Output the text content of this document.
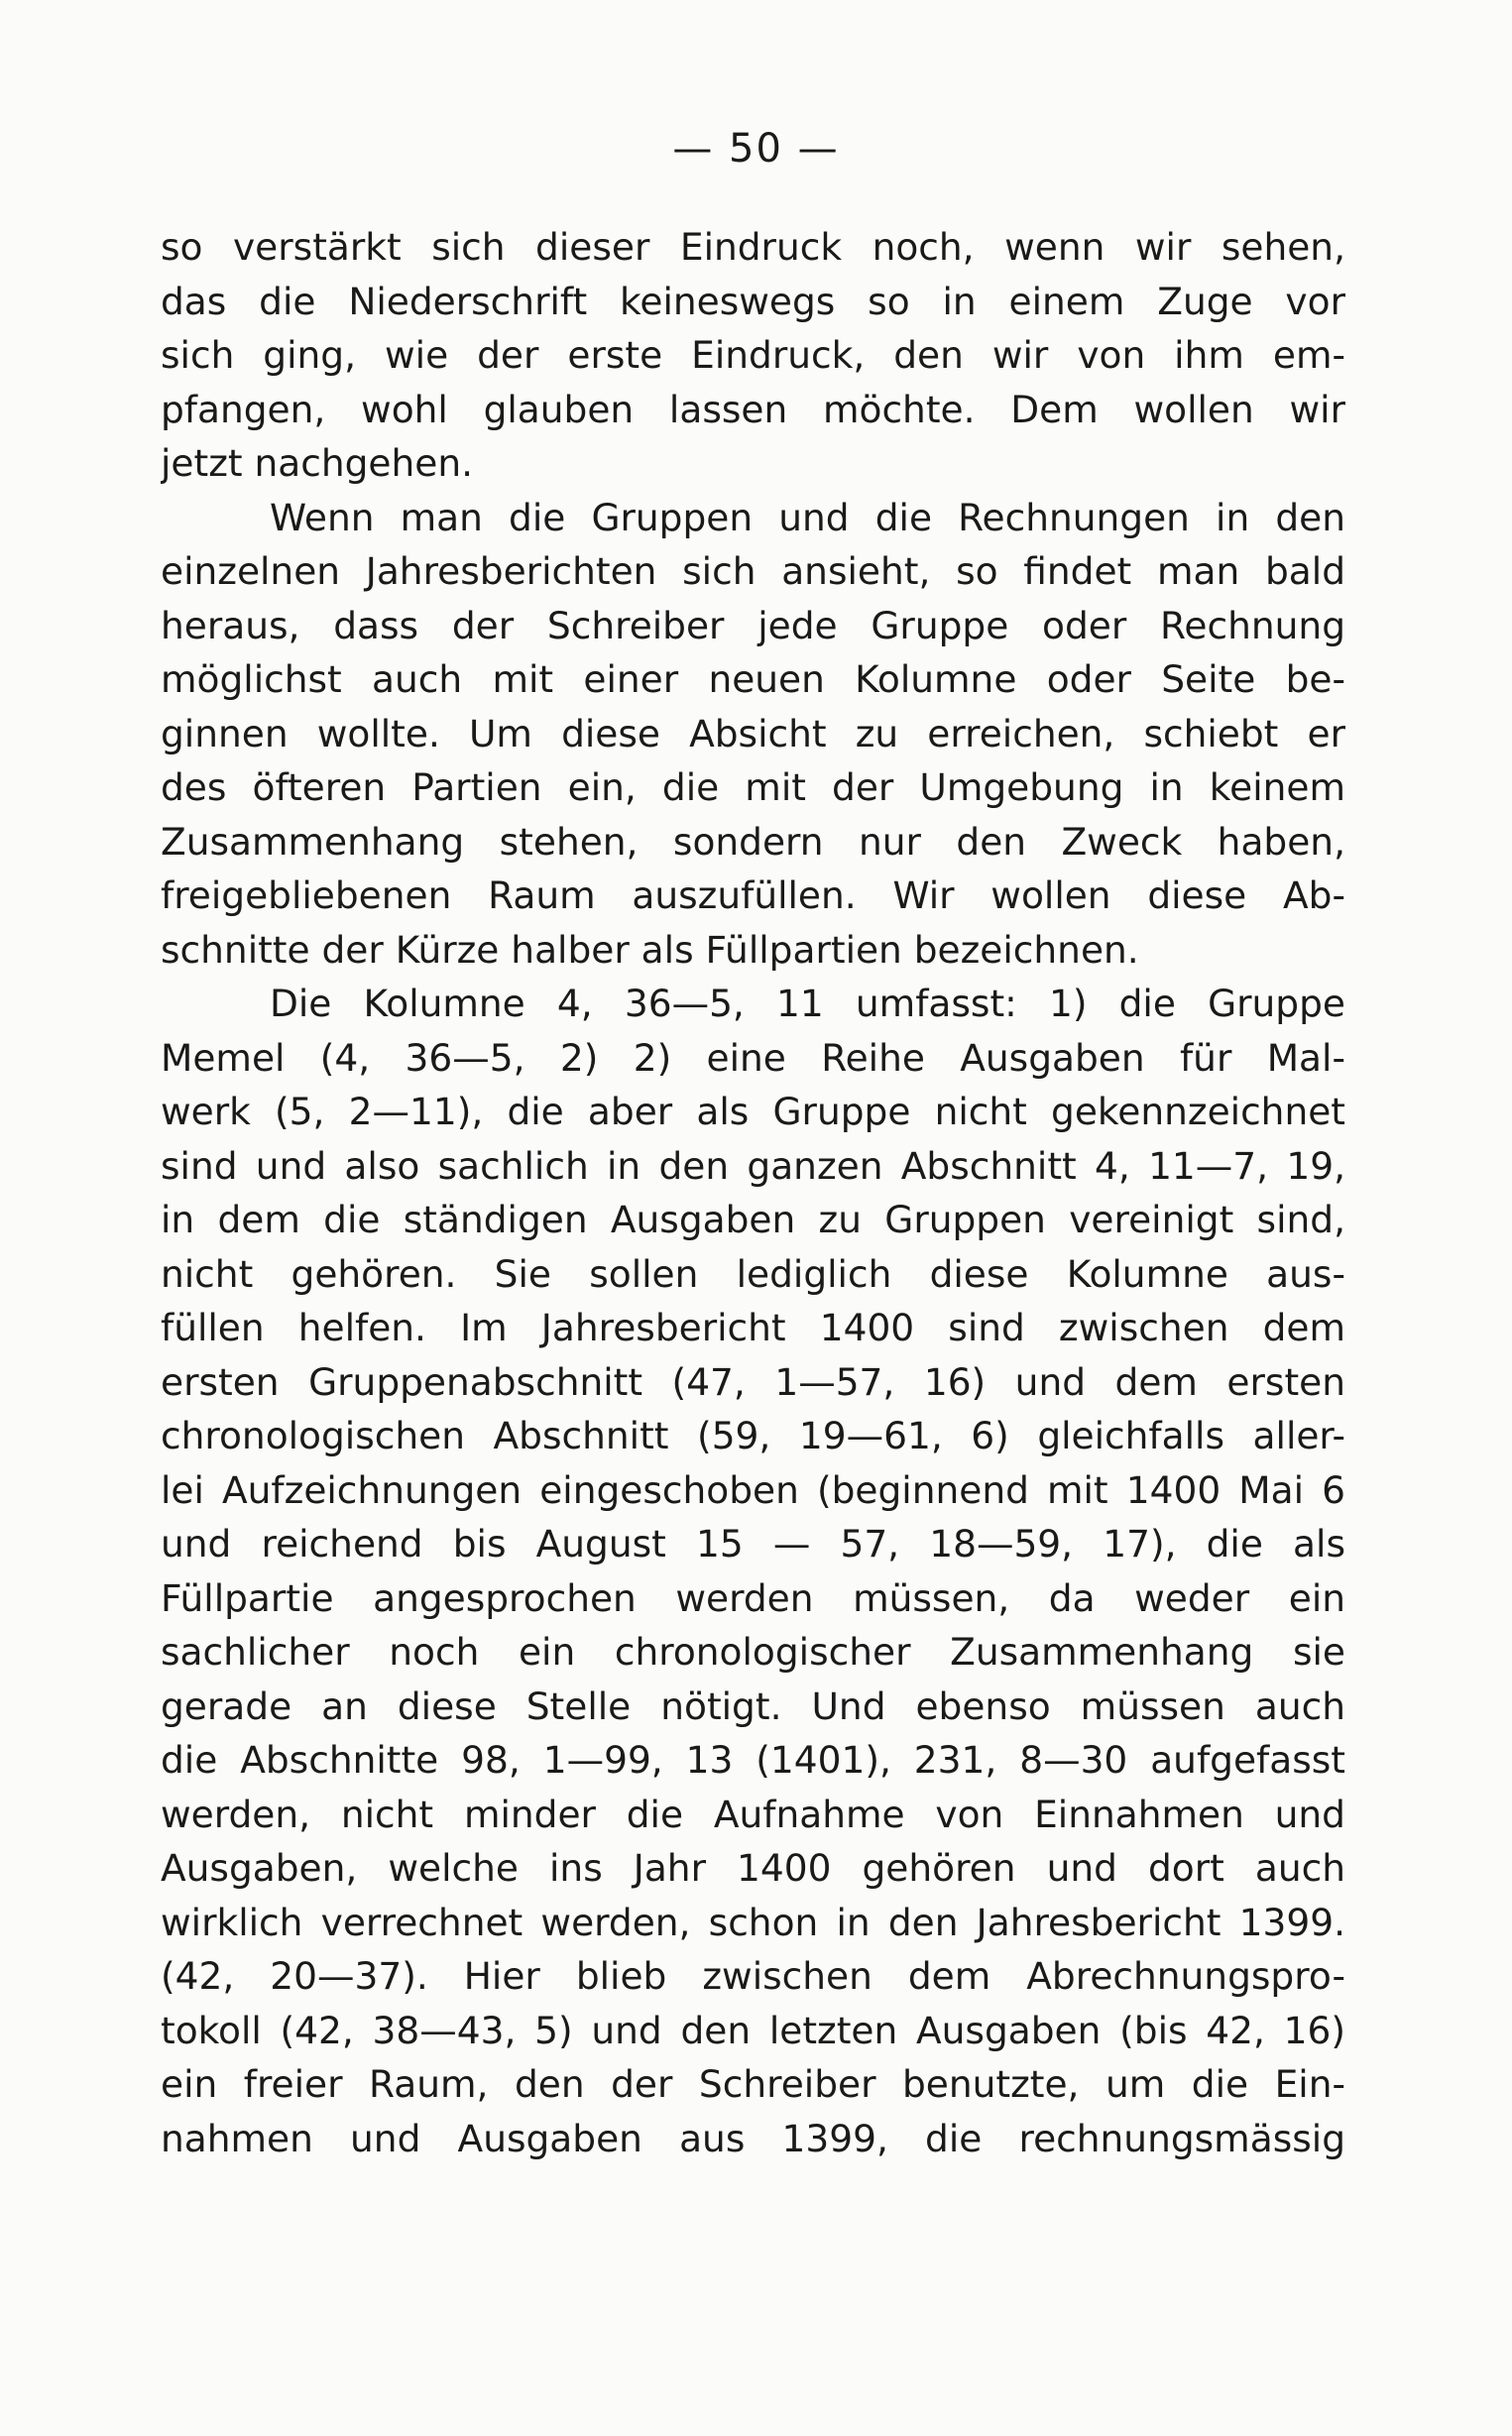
— 50 —
so verstärkt sich dieser Eindruck noch, wenn wir sehen,
das die Niederschrift keineswegs so in einem Zuge vor
sich ging, wie der erste Eindruck, den wir von ihm em-
pfangen, wohl glauben lassen möchte. Dem wollen wir
jetzt nachgehen.
Wenn man die Gruppen und die Rechnungen in den
einzelnen Jahresberichten sich ansieht, so findet man bald
heraus, dass der Schreiber jede Gruppe oder Rechnung
möglichst auch mit einer neuen Kolumne oder Seite be-
ginnen wollte. Um diese Absicht zu erreichen, schiebt er
des öfteren Partien ein, die mit der Umgebung in keinem
Zusammenhang stehen, sondern nur den Zweck haben,
freigebliebenen Raum auszufüllen. Wir wollen diese Ab-
schnitte der Kürze halber als Füllpartien bezeichnen.
Die Kolumne 4, 36—5, 11 umfasst: 1) die Gruppe
Memel (4, 36—5, 2) 2) eine Reihe Ausgaben für Mal-
werk (5, 2—11), die aber als Gruppe nicht gekennzeichnet
sind und also sachlich in den ganzen Abschnitt 4, 11—7, 19,
in dem die ständigen Ausgaben zu Gruppen vereinigt sind,
nicht gehören. Sie sollen lediglich diese Kolumne aus-
füllen helfen. Im Jahresbericht 1400 sind zwischen dem
ersten Gruppenabschnitt (47, 1—57, 16) und dem ersten
chronologischen Abschnitt (59, 19—61, 6) gleichfalls aller-
lei Aufzeichnungen eingeschoben (beginnend mit 1400 Mai 6
und reichend bis August 15 — 57, 18—59, 17), die als
Füllpartie angesprochen werden müssen, da weder ein
sachlicher noch ein chronologischer Zusammenhang sie
gerade an diese Stelle nötigt. Und ebenso müssen auch
die Abschnitte 98, 1—99, 13 (1401), 231, 8—30 aufgefasst
werden, nicht minder die Aufnahme von Einnahmen und
Ausgaben, welche ins Jahr 1400 gehören und dort auch
wirklich verrechnet werden, schon in den Jahresbericht 1399.
(42, 20—37). Hier blieb zwischen dem Abrechnungspro-
tokoll (42, 38—43, 5) und den letzten Ausgaben (bis 42, 16)
ein freier Raum, den der Schreiber benutzte, um die Ein-
nahmen und Ausgaben aus 1399, die rechnungsmässig
